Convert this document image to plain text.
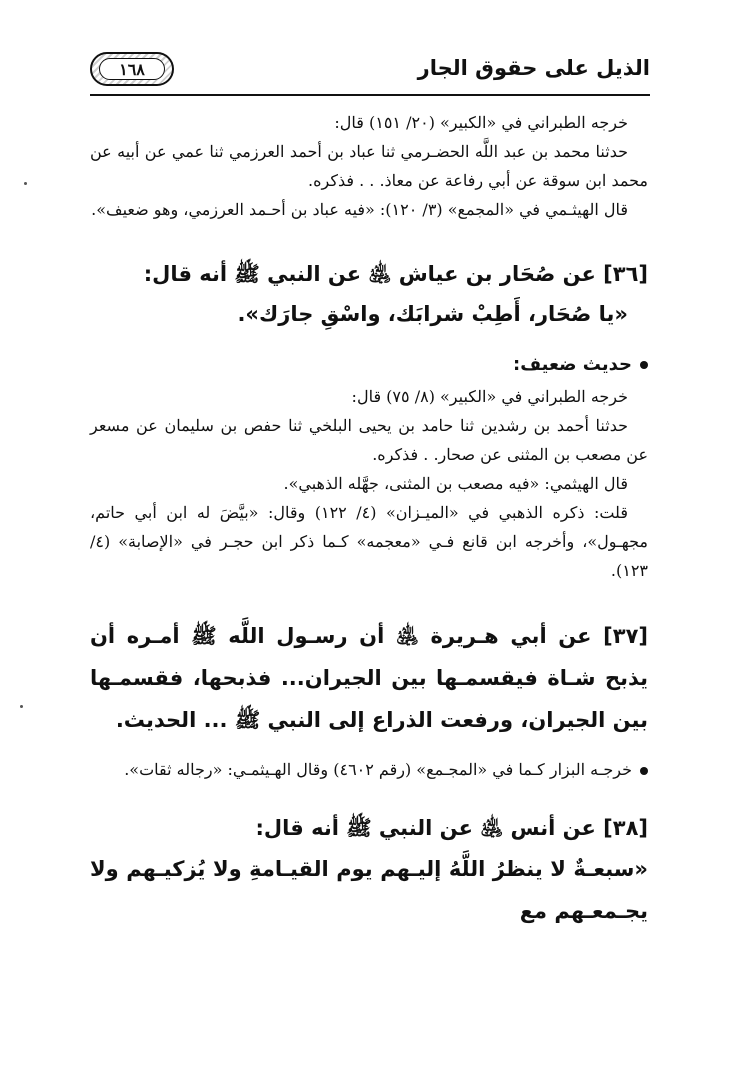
١٦٨	الذيل على حقوق الجار

خرجه الطبراني في «الكبير» (٢٠/ ١٥١) قال:

حدثنا محمد بن عبد اللَّه الحضـرمي ثنا عباد بن أحمد العرزمي ثنا عمي عن أبيه عن محمد ابن سوقة عن أبي رفاعة عن معاذ. . . فذكره.

قال الهيثـمي في «المجمع» (٣/ ١٢٠): «فيه عباد بن أحـمد العرزمي، وهو ضعيف».

[٣٦] عن صُحَار بن عياش ﵁ عن النبي ﷺ أنه قال:

«يا صُحَار، أَطِبْ شرابَك، واسْقِ جارَك».

حديث ضعيف:

خرجه الطبراني في «الكبير» (٨/ ٧٥) قال:

حدثنا أحمد بن رشدين ثنا حامد بن يحيى البلخي ثنا حفص بن سليمان عن مسعر عن مصعب بن المثنى عن صحار. . فذكره.

قال الهيثمي: «فيه مصعب بن المثنى، جهَّله الذهبي».

قلت: ذكره الذهبي في «الميـزان» (٤/ ١٢٢) وقال: «بيَّضَ له ابن أبي حاتم، مجهـول»، وأخرجه ابن قانع فـي «معجمه» كـما ذكر ابن حجـر في «الإصابة» (٤/ ١٢٣).

[٣٧] عن أبي هـريرة ﵁ أن رسـول اللَّه ﷺ أمـره أن يذبح شـاة فيقسمـها بين الجيران... فذبحها، فقسمـها بين الجيران، ورفعت الذراع إلى النبي ﷺ ... الحديث.

خرجـه البزار كـما في «المجـمع» (رقم ٤٦٠٢) وقال الهـيثمـي: «رجاله ثقات».

[٣٨] عن أنس ﵁ عن النبي ﷺ أنه قال:

«سبعـةٌ لا ينظرُ اللَّهُ إليـهم يوم القيـامةِ ولا يُزكيـهم ولا يجـمعـهم مع
